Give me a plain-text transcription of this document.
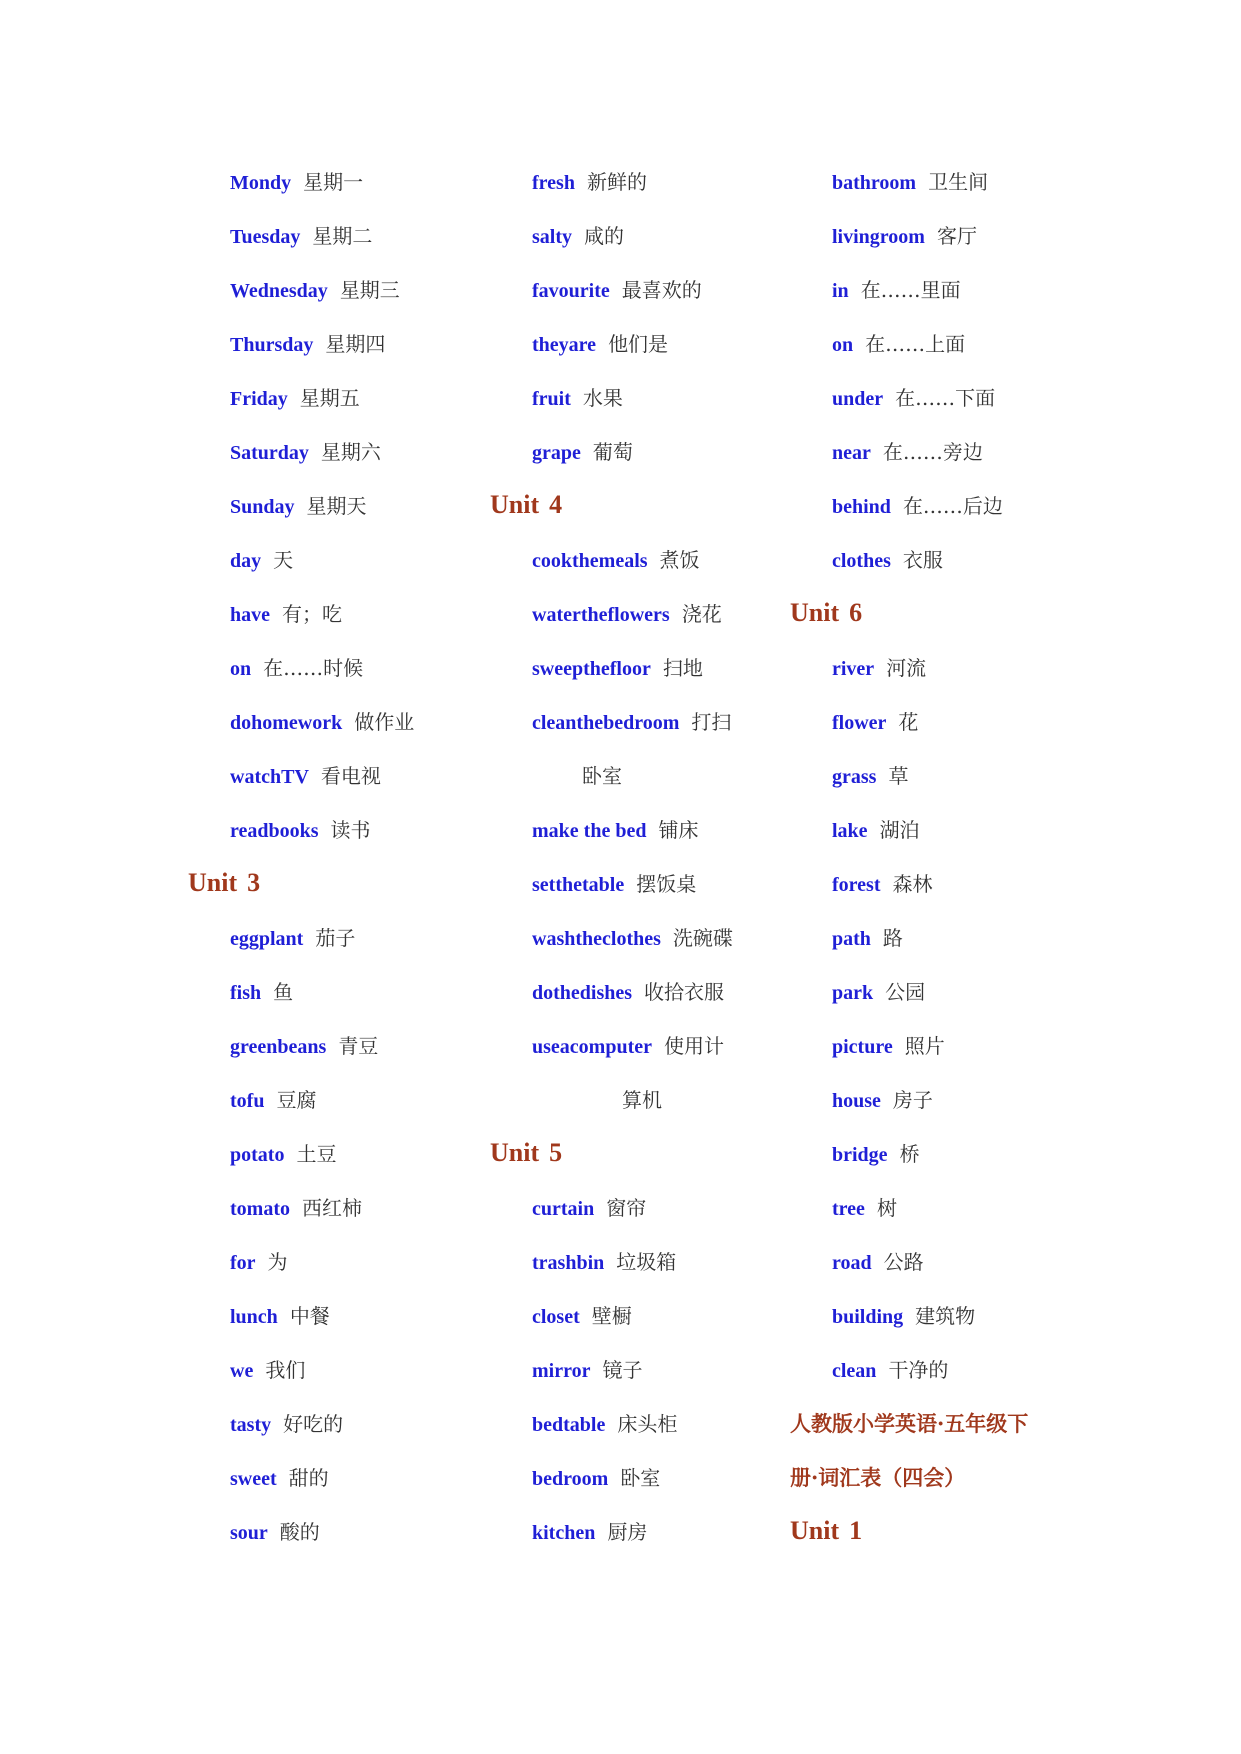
Mondy 星期一
Tuesday 星期二
Wednesday 星期三
Thursday 星期四
Friday 星期五
Saturday 星期六
Sunday 星期天
day 天
have 有；吃
on 在……时候
dohomework 做作业
watchTV 看电视
readbooks 读书
Unit 3
eggplant 茄子
fish 鱼
greenbeans 青豆
tofu 豆腐
potato 土豆
tomato 西红柿
for 为
lunch 中餐
we 我们
tasty 好吃的
sweet 甜的
sour 酸的
fresh 新鲜的
salty 咸的
favourite 最喜欢的
theyare 他们是
fruit 水果
grape 葡萄
Unit 4
cookthemeals 煮饭
watertheflowers 浇花
sweepthefloor 扫地
cleanthebedroom 打扫
卧室
make the bed 铺床
setthetable 摆饭桌
washtheclothes 洗碗碟
dothedishes 收拾衣服
useacomputer 使用计
算机
Unit 5
curtain 窗帘
trashbin 垃圾箱
closet 壁橱
mirror 镜子
bedtable 床头柜
bedroom 卧室
kitchen 厨房
bathroom 卫生间
livingroom 客厅
in 在……里面
on 在……上面
under 在……下面
near 在……旁边
behind 在……后边
clothes 衣服
Unit 6
river 河流
flower 花
grass 草
lake 湖泊
forest 森林
path 路
park 公园
picture 照片
house 房子
bridge 桥
tree 树
road 公路
building 建筑物
clean 干净的
人教版小学英语·五年级下
册·词汇表（四会）
Unit 1
